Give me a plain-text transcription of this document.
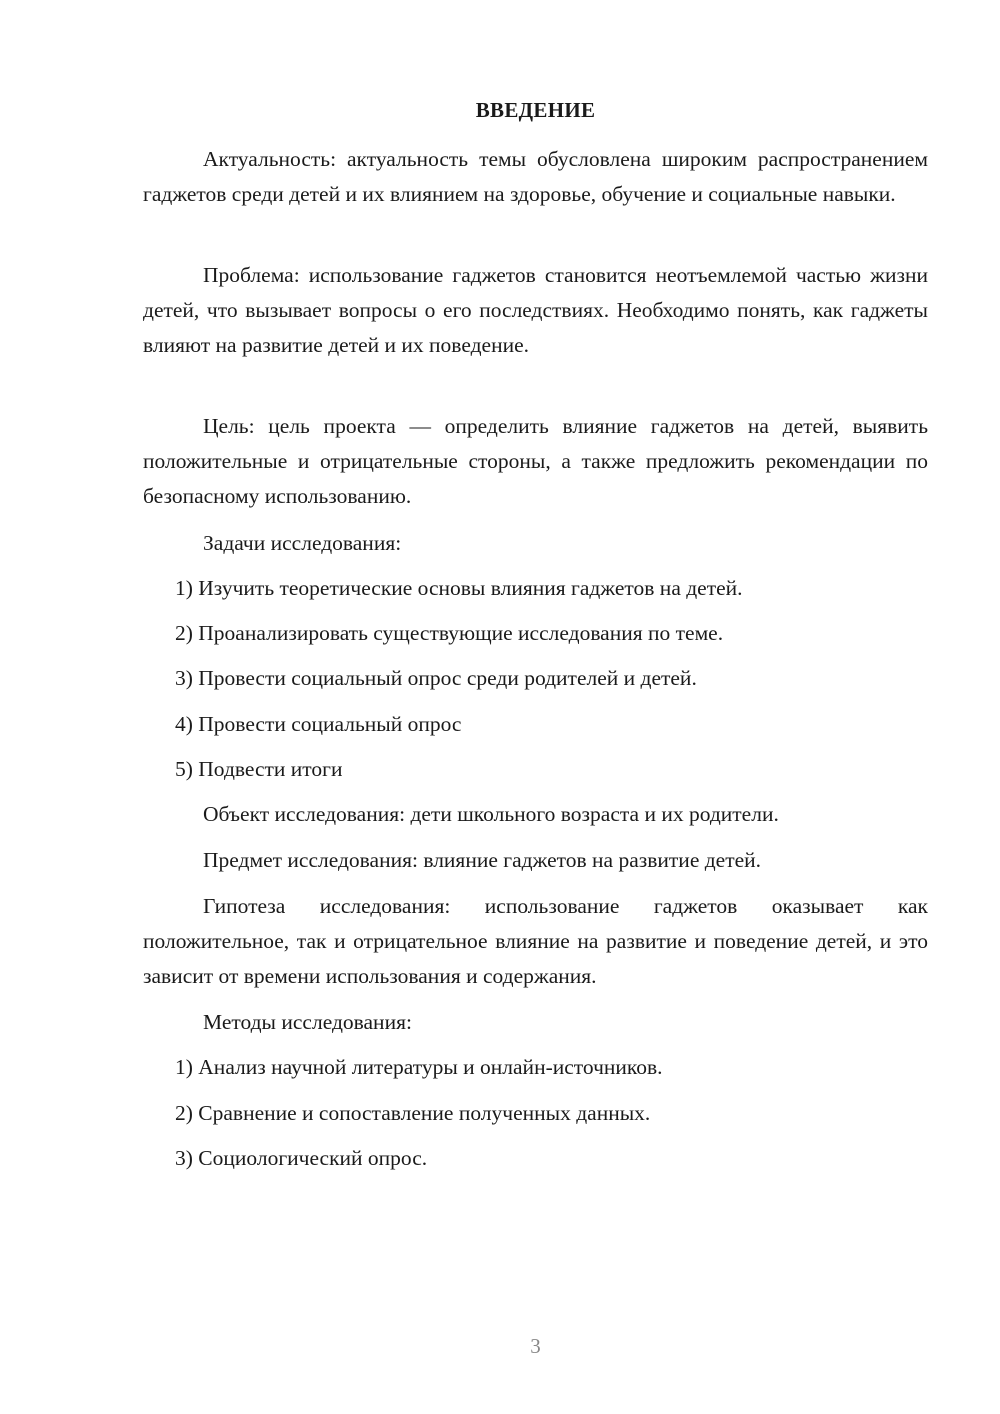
ВВЕДЕНИЕ

Актуальность: актуальность темы обусловлена широким распространением гаджетов среди детей и их влиянием на здоровье, обучение и социальные навыки.

Проблема: использование гаджетов становится неотъемлемой частью жизни детей, что вызывает вопросы о его последствиях. Необходимо понять, как гаджеты влияют на развитие детей и их поведение.

Цель: цель проекта — определить влияние гаджетов на детей, выявить положительные и отрицательные стороны, а также предложить рекомендации по безопасному использованию.

Задачи исследования:

1) Изучить теоретические основы влияния гаджетов на детей.

2) Проанализировать существующие исследования по теме.

3) Провести социальный опрос среди родителей и детей.

4) Провести социальный опрос

5) Подвести итоги

Объект исследования: дети школьного возраста и их родители.

Предмет исследования: влияние гаджетов на развитие детей.

Гипотеза исследования: использование гаджетов оказывает как положительное, так и отрицательное влияние на развитие и поведение детей, и это зависит от времени использования и содержания.

Методы исследования:

1) Анализ научной литературы и онлайн-источников.

2) Сравнение и сопоставление полученных данных.

3) Социологический опрос.

3
